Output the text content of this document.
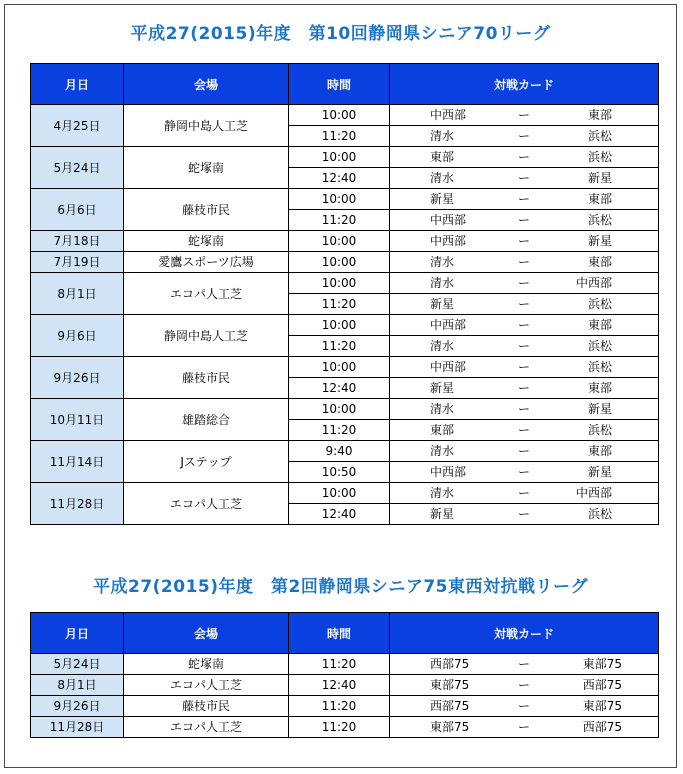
平成27(2015)年度　第10回静岡県シニア70リーグ
月日	会場	時間	対戦カード
4月25日	静岡中島人工芝	10:00	中西部 ー 東部

		11:20	清水 ー 浜松

5月24日	蛇塚南	10:00	東部 ー 浜松

		12:40	清水 ー 新星

6月6日	藤枝市民	10:00	新星 ー 東部

		11:20	中西部 ー 浜松

7月18日	蛇塚南	10:00	中西部 ー 新星

7月19日	愛鷹スポーツ広場	10:00	清水 ー 東部

8月1日	エコパ人工芝	10:00	清水 ー 中西部

		11:20	新星 ー 浜松

9月6日	静岡中島人工芝	10:00	中西部 ー 東部

		11:20	清水 ー 浜松

9月26日	藤枝市民	10:00	中西部 ー 浜松

		12:40	新星 ー 東部

10月11日	雄踏総合	10:00	清水 ー 新星

		11:20	東部 ー 浜松

11月14日	Jステップ	9:40	清水 ー 東部

		10:50	中西部 ー 新星

11月28日	エコパ人工芝	10:00	清水 ー 中西部

		12:40	新星 ー 浜松
平成27(2015)年度　第2回静岡県シニア75東西対抗戦リーグ
月日	会場	時間	対戦カード
5月24日	蛇塚南	11:20	西部75 ー 東部75

8月1日	エコパ人工芝	12:40	東部75 ー 西部75

9月26日	藤枝市民	11:20	西部75 ー 東部75

11月28日	エコパ人工芝	11:20	東部75 ー 西部75
